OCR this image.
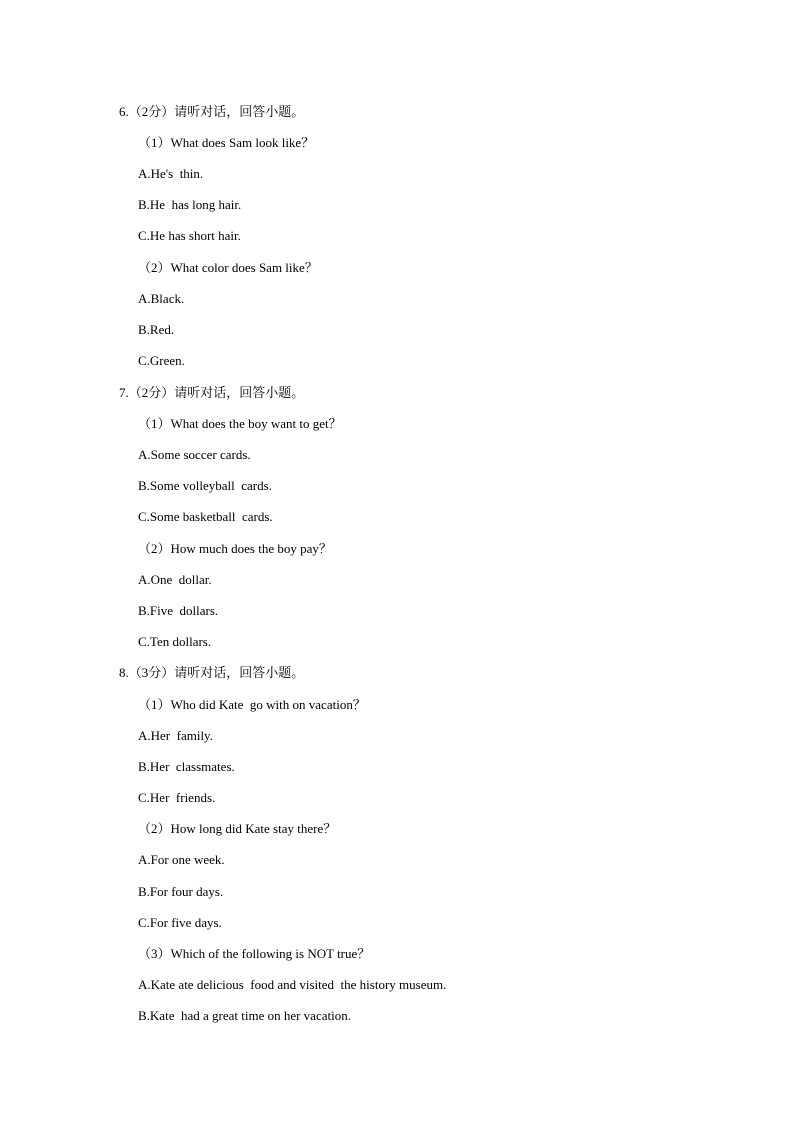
6.（2分）请听对话，回答小题。
（1）What does Sam look like？
A.He's  thin.
B.He  has long hair.
C.He has short hair.
（2）What color does Sam like？
A.Black.
B.Red.
C.Green.
7.（2分）请听对话，回答小题。
（1）What does the boy want to get？
A.Some soccer cards.
B.Some volleyball  cards.
C.Some basketball  cards.
（2）How much does the boy pay？
A.One  dollar.
B.Five  dollars.
C.Ten dollars.
8.（3分）请听对话，回答小题。
（1）Who did Kate  go with on vacation？
A.Her  family.
B.Her  classmates.
C.Her  friends.
（2）How long did Kate stay there？
A.For one week.
B.For four days.
C.For five days.
（3）Which of the following is NOT true？
A.Kate ate delicious  food and visited  the history museum.
B.Kate  had a great time on her vacation.
